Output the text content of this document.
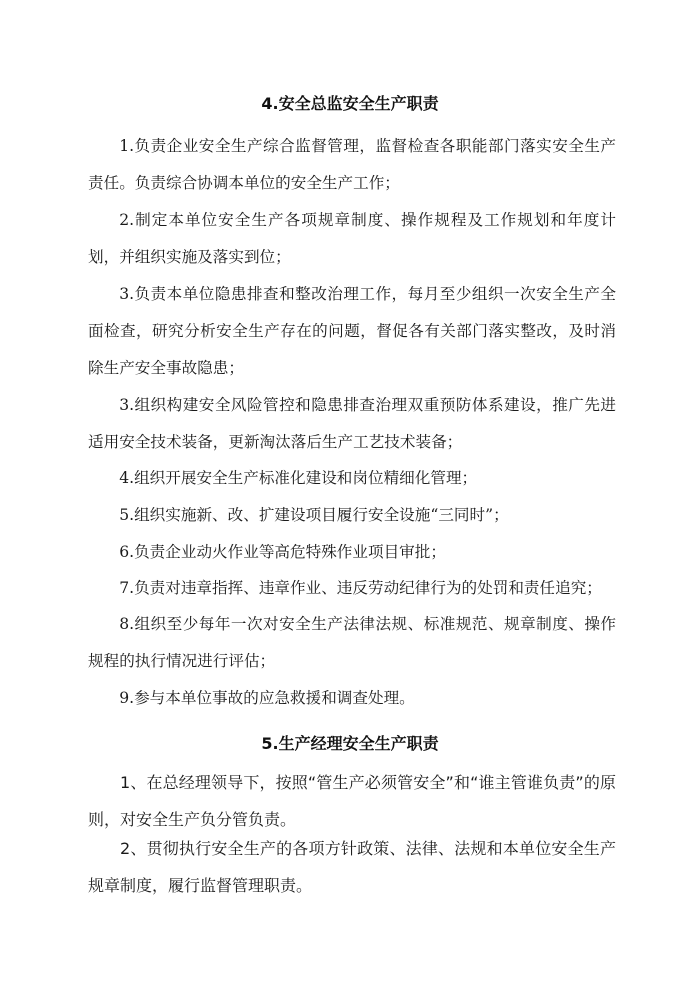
4.安全总监安全生产职责

1.负责企业安全生产综合监督管理，监督检查各职能部门落实安全生产责任。负责综合协调本单位的安全生产工作；

2.制定本单位安全生产各项规章制度、操作规程及工作规划和年度计划，并组织实施及落实到位；

3.负责本单位隐患排查和整改治理工作，每月至少组织一次安全生产全面检查，研究分析安全生产存在的问题，督促各有关部门落实整改，及时消除生产安全事故隐患；

3.组织构建安全风险管控和隐患排查治理双重预防体系建设，推广先进适用安全技术装备，更新淘汰落后生产工艺技术装备；

4.组织开展安全生产标准化建设和岗位精细化管理；

5.组织实施新、改、扩建设项目履行安全设施“三同时”；

6.负责企业动火作业等高危特殊作业项目审批；

7.负责对违章指挥、违章作业、违反劳动纪律行为的处罚和责任追究；

8.组织至少每年一次对安全生产法律法规、标准规范、规章制度、操作规程的执行情况进行评估；

9.参与本单位事故的应急救援和调查处理。

5.生产经理安全生产职责

1、在总经理领导下，按照“管生产必须管安全”和“谁主管谁负责”的原则，对安全生产负分管负责。

2、贯彻执行安全生产的各项方针政策、法律、法规和本单位安全生产规章制度，履行监督管理职责。
